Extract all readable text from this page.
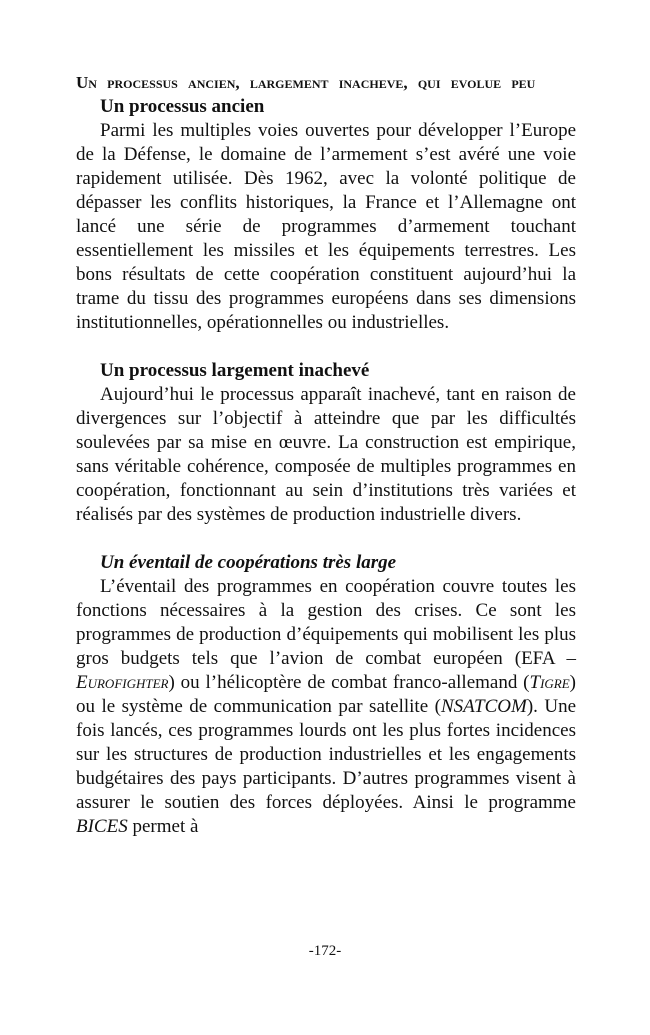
Un processus ancien, largement inacheve, qui evolue peu
Un processus ancien

Parmi les multiples voies ouvertes pour développer l’Europe de la Défense, le domaine de l’armement s’est avéré une voie rapidement utilisée. Dès 1962, avec la volonté politique de dépasser les conflits historiques, la France et l’Allemagne ont lancé une série de programmes d’armement touchant essentiellement les missiles et les équipements terrestres. Les bons résultats de cette coopération constituent aujourd’hui la trame du tissu des programmes européens dans ses dimensions institutionnelles, opérationnelles ou industrielles.

Un processus largement inachevé

Aujourd’hui le processus apparaît inachevé, tant en raison de divergences sur l’objectif à atteindre que par les difficultés soulevées par sa mise en œuvre. La construction est empirique, sans véritable cohérence, composée de multiples programmes en coopération, fonctionnant au sein d’institutions très variées et réalisés par des systèmes de production industrielle divers.

Un éventail de coopérations très large

L’éventail des programmes en coopération couvre toutes les fonctions nécessaires à la gestion des crises. Ce sont les programmes de production d’équipements qui mobilisent les plus gros budgets tels que l’avion de combat européen (EFA – Eurofighter) ou l’hélicoptère de combat franco-allemand (Tigre) ou le système de communication par satellite (NSATCOM). Une fois lancés, ces programmes lourds ont les plus fortes incidences sur les structures de production industrielles et les engagements budgétaires des pays participants. D’autres programmes visent à assurer le soutien des forces déployées. Ainsi le programme BICES permet à

-172-
